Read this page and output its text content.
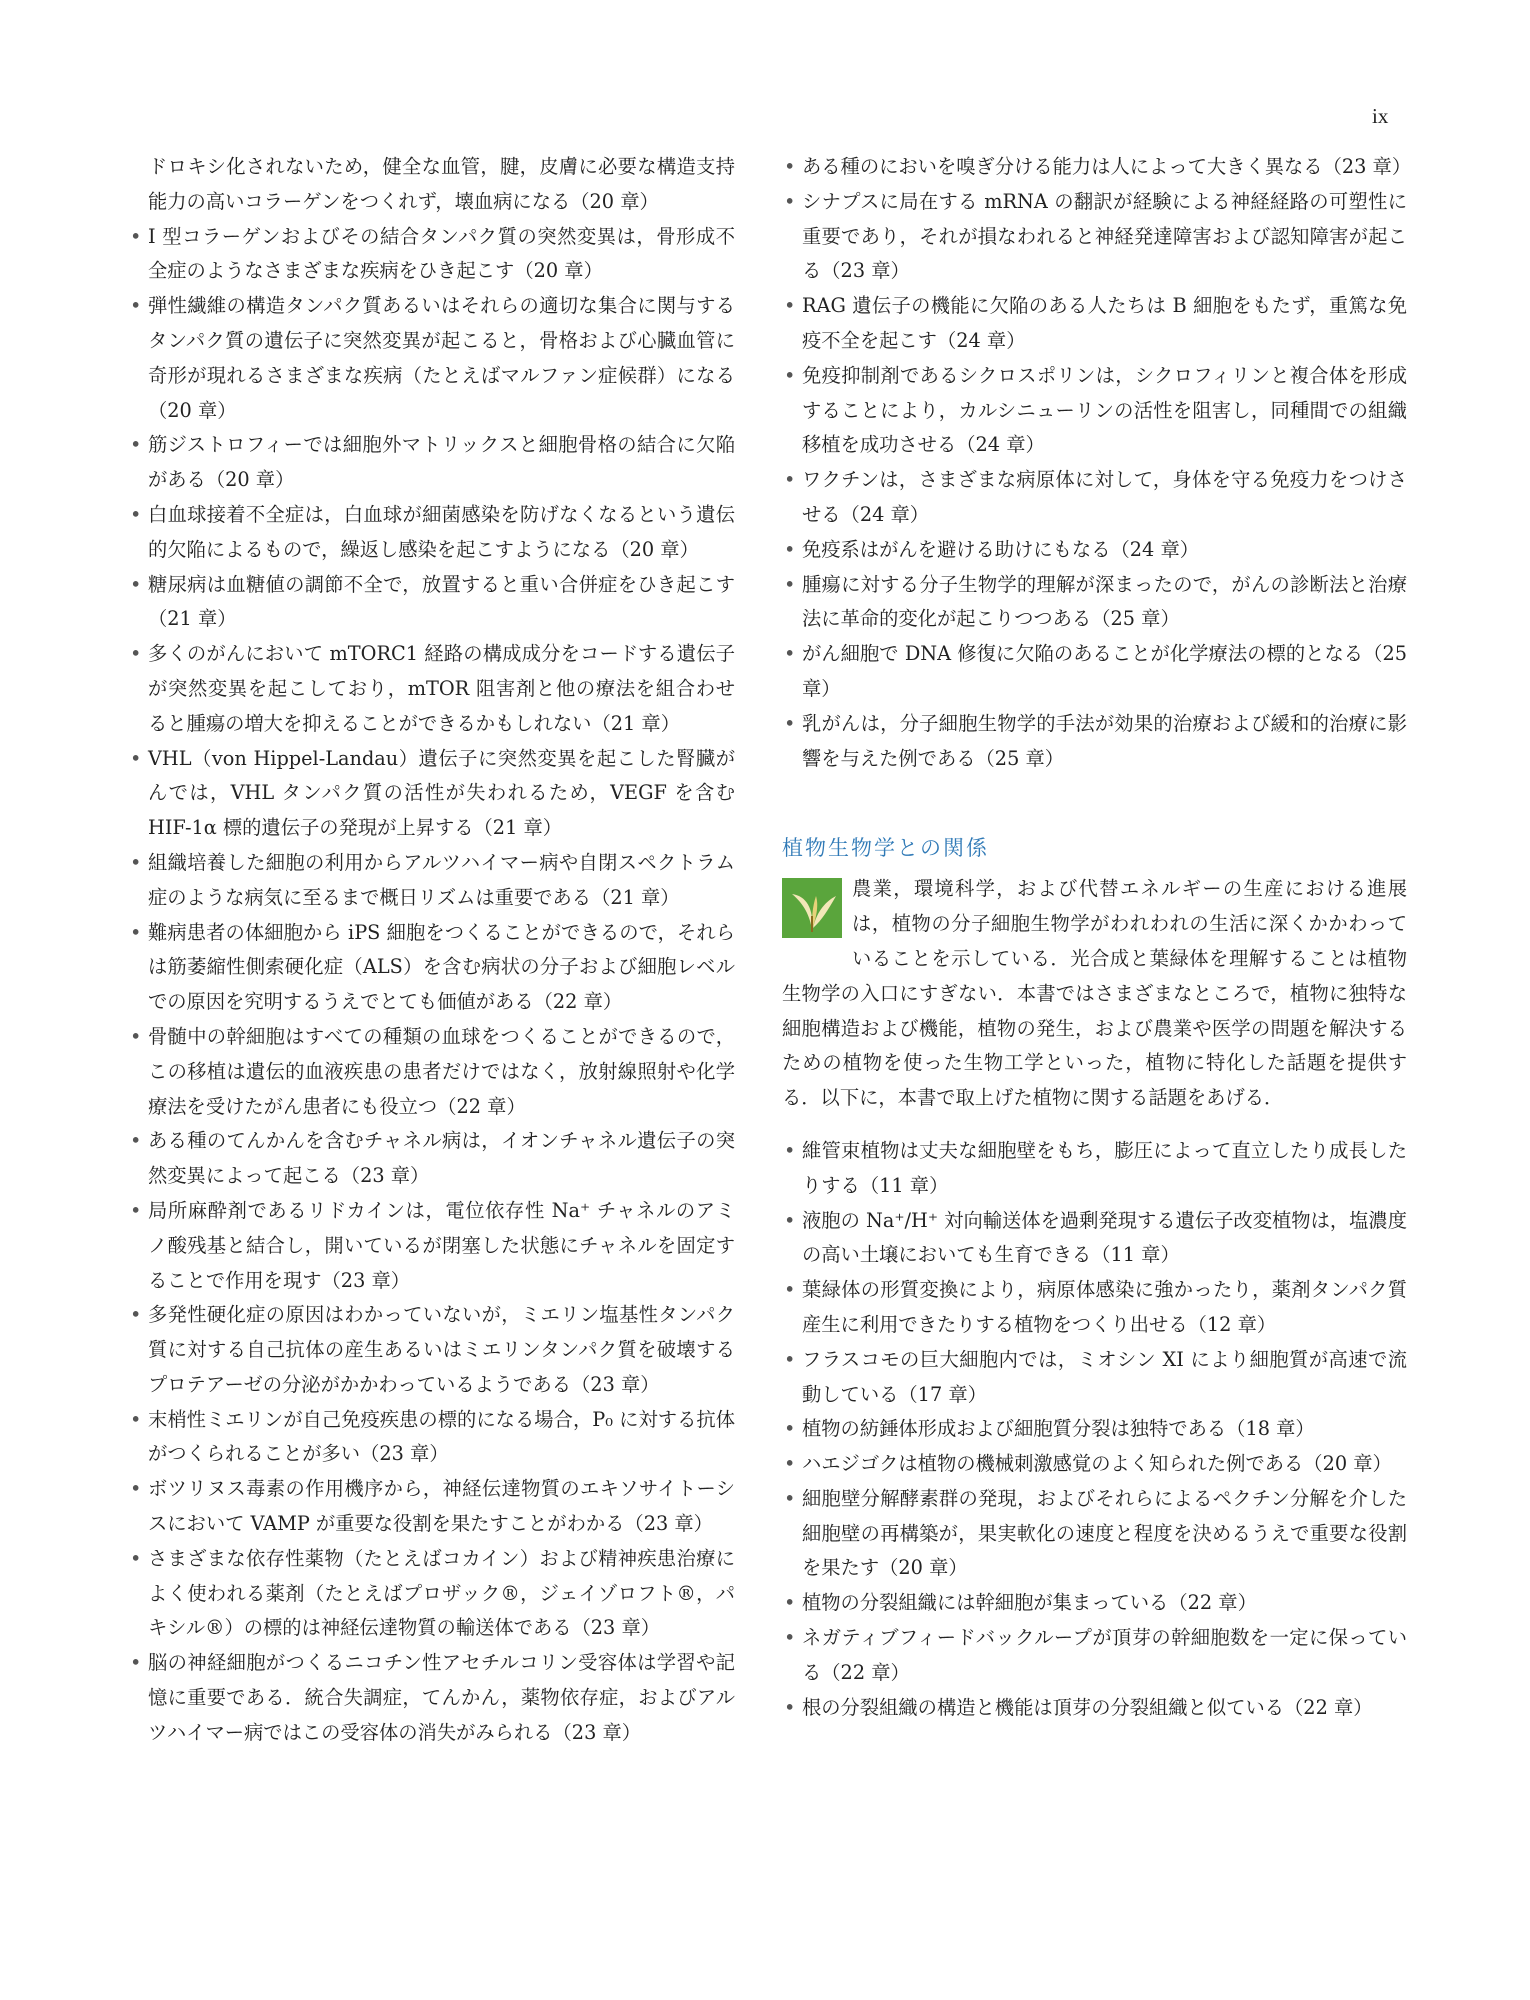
ix
ドロキシ化されないため，健全な血管，腱，皮膚に必要な構造支持能力の高いコラーゲンをつくれず，壊血病になる（20 章）
• I 型コラーゲンおよびその結合タンパク質の突然変異は，骨形成不全症のようなさまざまな疾病をひき起こす（20 章）
• 弾性繊維の構造タンパク質あるいはそれらの適切な集合に関与するタンパク質の遺伝子に突然変異が起こると，骨格および心臓血管に奇形が現れるさまざまな疾病（たとえばマルファン症候群）になる（20 章）
• 筋ジストロフィーでは細胞外マトリックスと細胞骨格の結合に欠陥がある（20 章）
• 白血球接着不全症は，白血球が細菌感染を防げなくなるという遺伝的欠陥によるもので，繰返し感染を起こすようになる（20 章）
• 糖尿病は血糖値の調節不全で，放置すると重い合併症をひき起こす（21 章）
• 多くのがんにおいて mTORC1 経路の構成成分をコードする遺伝子が突然変異を起こしており，mTOR 阻害剤と他の療法を組合わせると腫瘍の増大を抑えることができるかもしれない（21 章）
• VHL（von Hippel-Landau）遺伝子に突然変異を起こした腎臓がんでは，VHL タンパク質の活性が失われるため，VEGF を含む HIF-1α 標的遺伝子の発現が上昇する（21 章）
• 組織培養した細胞の利用からアルツハイマー病や自閉スペクトラム症のような病気に至るまで概日リズムは重要である（21 章）
• 難病患者の体細胞から iPS 細胞をつくることができるので，それらは筋萎縮性側索硬化症（ALS）を含む病状の分子および細胞レベルでの原因を究明するうえでとても価値がある（22 章）
• 骨髄中の幹細胞はすべての種類の血球をつくることができるので，この移植は遺伝的血液疾患の患者だけではなく，放射線照射や化学療法を受けたがん患者にも役立つ（22 章）
• ある種のてんかんを含むチャネル病は，イオンチャネル遺伝子の突然変異によって起こる（23 章）
• 局所麻酔剤であるリドカインは，電位依存性 Na⁺ チャネルのアミノ酸残基と結合し，開いているが閉塞した状態にチャネルを固定することで作用を現す（23 章）
• 多発性硬化症の原因はわかっていないが，ミエリン塩基性タンパク質に対する自己抗体の産生あるいはミエリンタンパク質を破壊するプロテアーゼの分泌がかかわっているようである（23 章）
• 末梢性ミエリンが自己免疫疾患の標的になる場合，P₀ に対する抗体がつくられることが多い（23 章）
• ボツリヌス毒素の作用機序から，神経伝達物質のエキソサイトーシスにおいて VAMP が重要な役割を果たすことがわかる（23 章）
• さまざまな依存性薬物（たとえばコカイン）および精神疾患治療によく使われる薬剤（たとえばプロザック®，ジェイゾロフト®，パキシル®）の標的は神経伝達物質の輸送体である（23 章）
• 脳の神経細胞がつくるニコチン性アセチルコリン受容体は学習や記憶に重要である．統合失調症，てんかん，薬物依存症，およびアルツハイマー病ではこの受容体の消失がみられる（23 章）
• ある種のにおいを嗅ぎ分ける能力は人によって大きく異なる（23 章）
• シナプスに局在する mRNA の翻訳が経験による神経経路の可塑性に重要であり，それが損なわれると神経発達障害および認知障害が起こる（23 章）
• RAG 遺伝子の機能に欠陥のある人たちは B 細胞をもたず，重篤な免疫不全を起こす（24 章）
• 免疫抑制剤であるシクロスポリンは，シクロフィリンと複合体を形成することにより，カルシニューリンの活性を阻害し，同種間での組織移植を成功させる（24 章）
• ワクチンは，さまざまな病原体に対して，身体を守る免疫力をつけさせる（24 章）
• 免疫系はがんを避ける助けにもなる（24 章）
• 腫瘍に対する分子生物学的理解が深まったので，がんの診断法と治療法に革命的変化が起こりつつある（25 章）
• がん細胞で DNA 修復に欠陥のあることが化学療法の標的となる（25 章）
• 乳がんは，分子細胞生物学的手法が効果的治療および緩和的治療に影響を与えた例である（25 章）
植物生物学との関係

農業，環境科学，および代替エネルギーの生産における進展は，植物の分子細胞生物学がわれわれの生活に深くかかわっていることを示している．光合成と葉緑体を理解することは植物生物学の入口にすぎない．本書ではさまざまなところで，植物に独特な細胞構造および機能，植物の発生，および農業や医学の問題を解決するための植物を使った生物工学といった，植物に特化した話題を提供する．以下に，本書で取上げた植物に関する話題をあげる．

• 維管束植物は丈夫な細胞壁をもち，膨圧によって直立したり成長したりする（11 章）
• 液胞の Na⁺/H⁺ 対向輸送体を過剰発現する遺伝子改変植物は，塩濃度の高い土壌においても生育できる（11 章）
• 葉緑体の形質変換により，病原体感染に強かったり，薬剤タンパク質産生に利用できたりする植物をつくり出せる（12 章）
• フラスコモの巨大細胞内では，ミオシン XI により細胞質が高速で流動している（17 章）
• 植物の紡錘体形成および細胞質分裂は独特である（18 章）
• ハエジゴクは植物の機械刺激感覚のよく知られた例である（20 章）
• 細胞壁分解酵素群の発現，およびそれらによるペクチン分解を介した細胞壁の再構築が，果実軟化の速度と程度を決めるうえで重要な役割を果たす（20 章）
• 植物の分裂組織には幹細胞が集まっている（22 章）
• ネガティブフィードバックループが頂芽の幹細胞数を一定に保っている（22 章）
• 根の分裂組織の構造と機能は頂芽の分裂組織と似ている（22 章）
